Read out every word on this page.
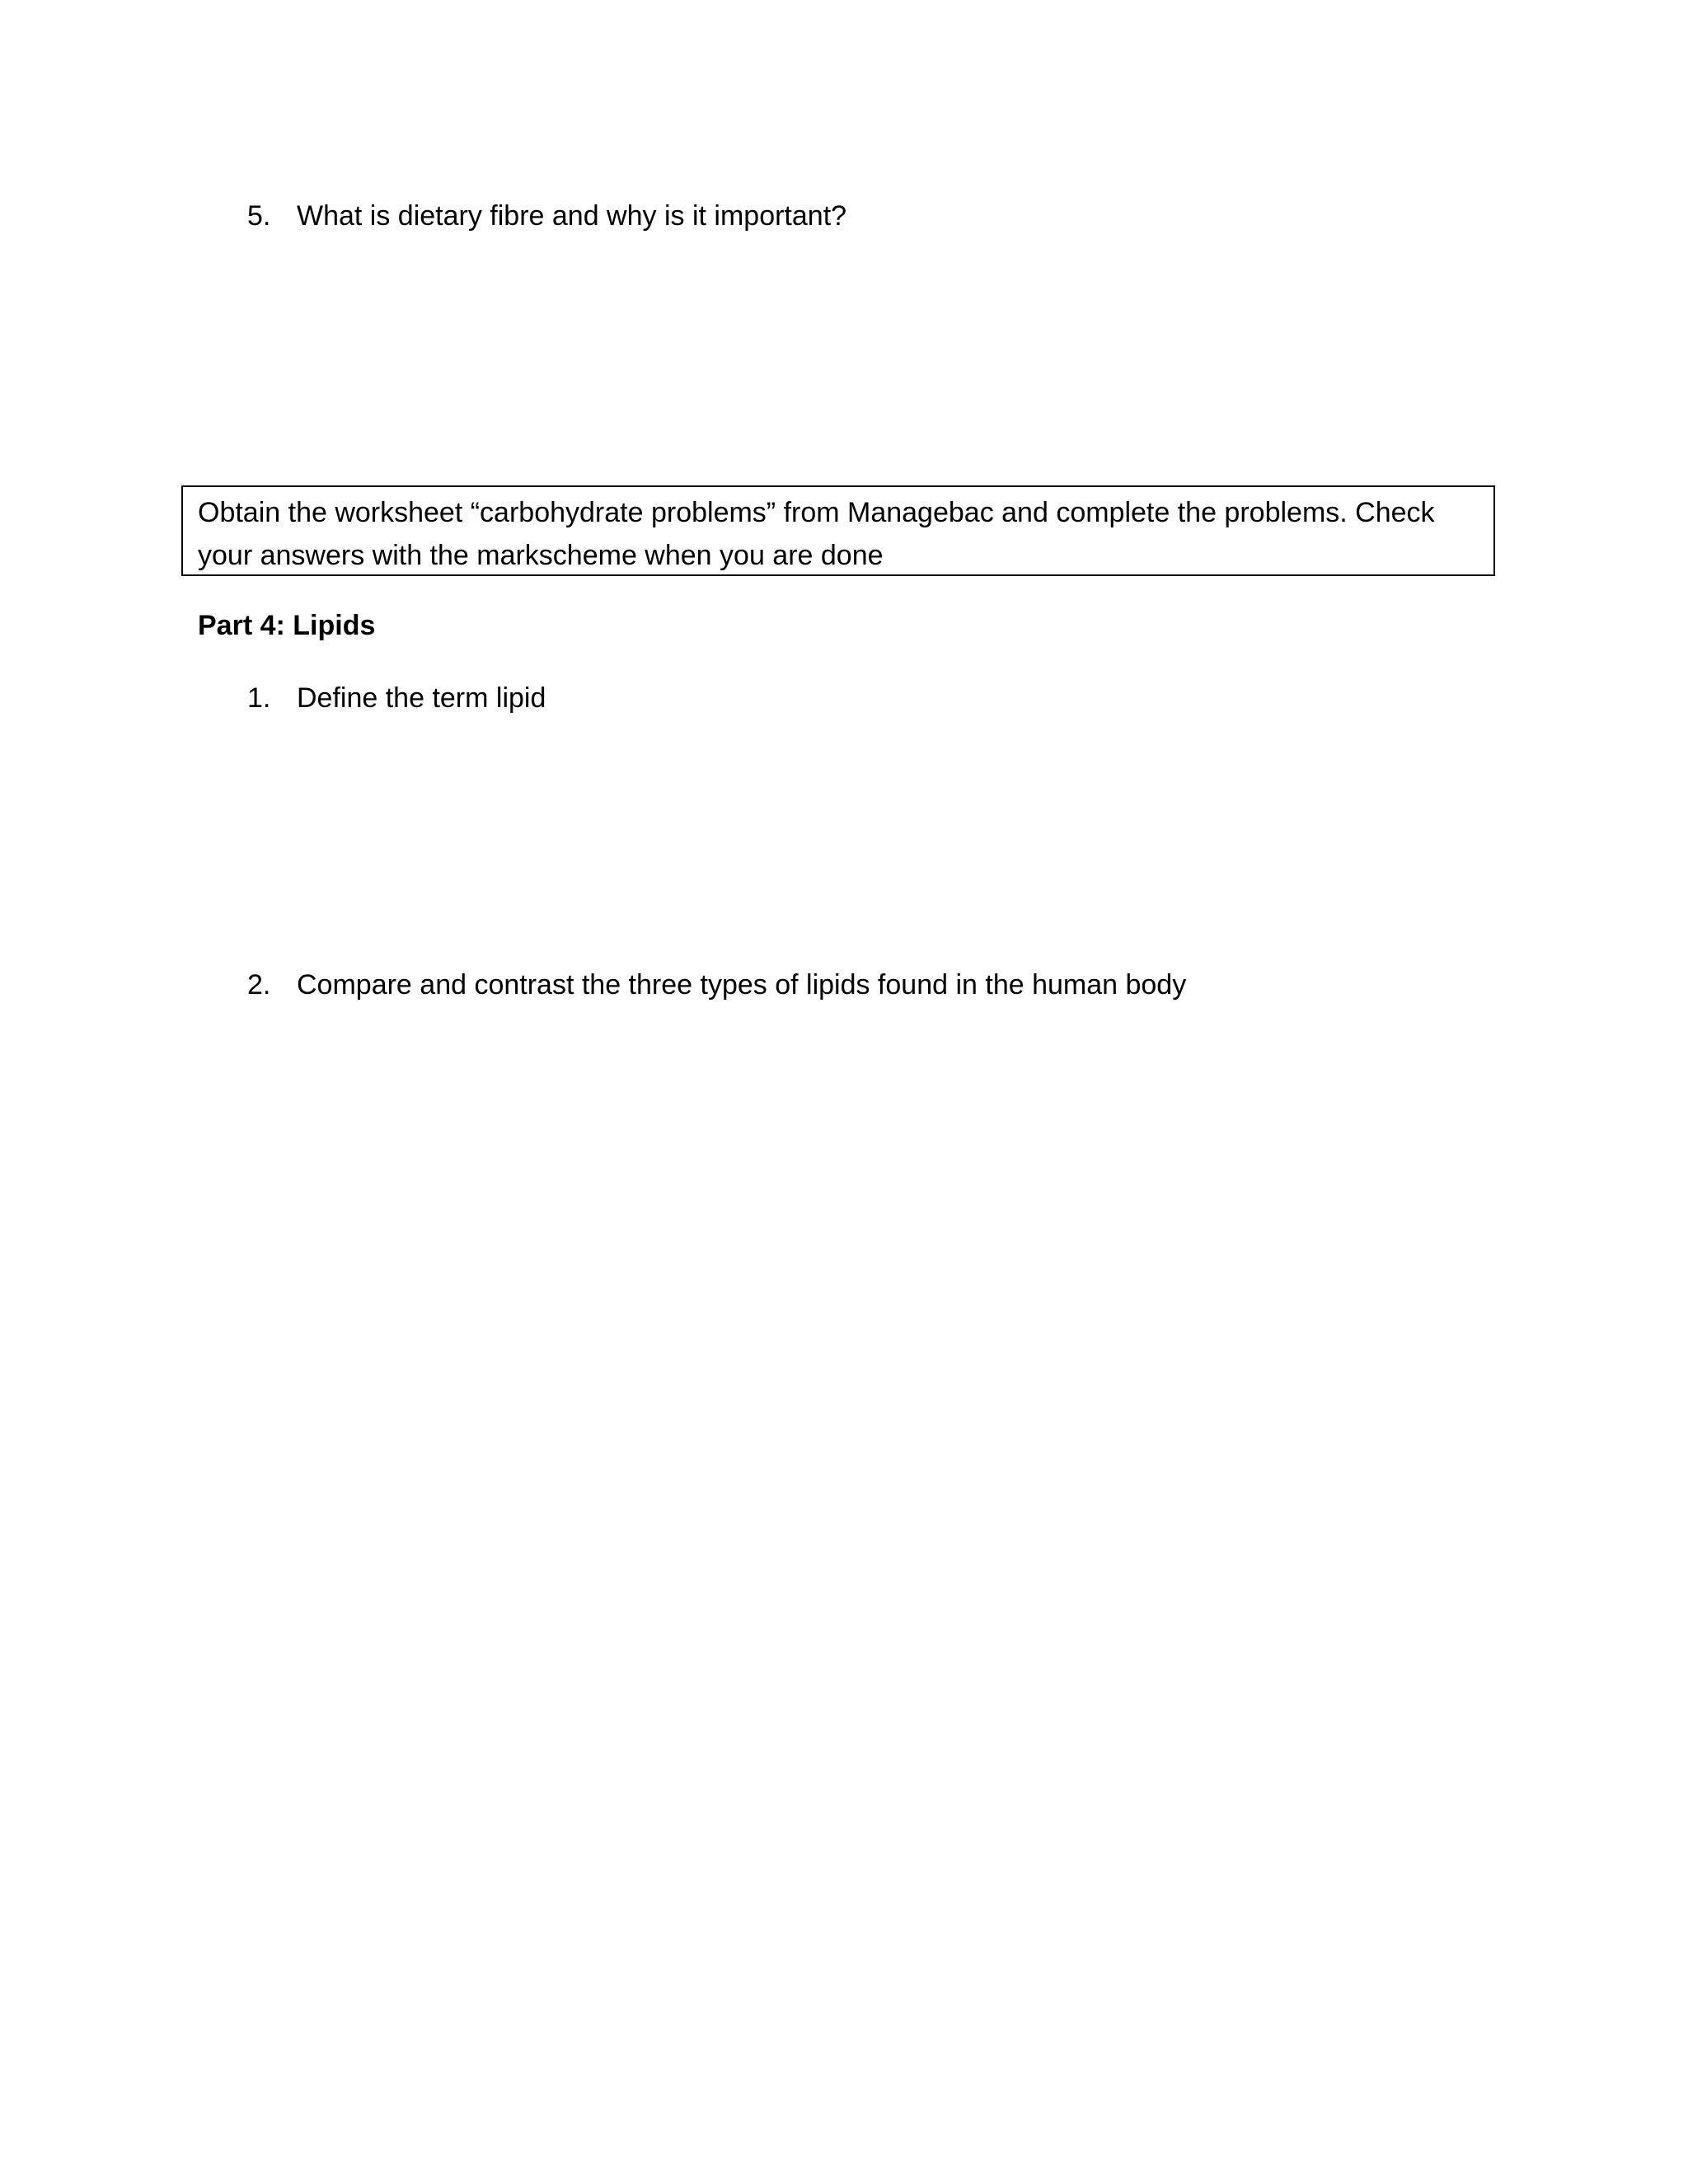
5. What is dietary fibre and why is it important?
Obtain the worksheet “carbohydrate problems” from Managebac and complete the problems. Check your answers with the markscheme when you are done
Part 4: Lipids
1. Define the term lipid
2. Compare and contrast the three types of lipids found in the human body
